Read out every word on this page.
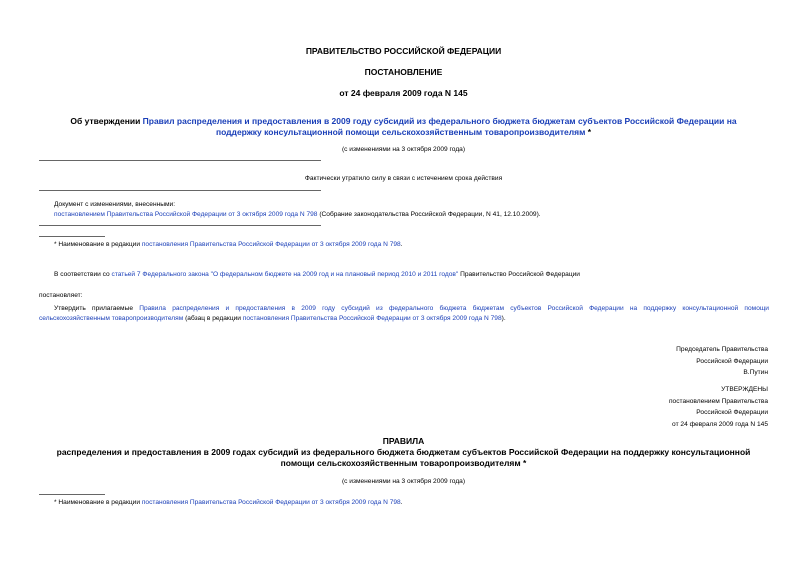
ПРАВИТЕЛЬСТВО РОССИЙСКОЙ ФЕДЕРАЦИИ
ПОСТАНОВЛЕНИЕ
от 24 февраля 2009 года N 145
Об утверждении Правил распределения и предоставления в 2009 году субсидий из федерального бюджета бюджетам субъектов Российской Федерации на
поддержку консультационной помощи сельскохозяйственным товаропроизводителям *
(с изменениями на 3 октября 2009 года)
Фактически утратило силу в связи с истечением срока действия
Документ с изменениями, внесенными:
постановлением Правительства Российской Федерации от 3 октября 2009 года N 798 (Собрание законодательства Российской Федерации, N 41, 12.10.2009).
* Наименование в редакции постановления Правительства Российской Федерации от 3 октября 2009 года N 798.
В соответствии со статьей 7 Федерального закона "О федеральном бюджете на 2009 год и на плановый период 2010 и 2011 годов" Правительство Российской Федерации
постановляет:
Утвердить прилагаемые Правила распределения и предоставления в 2009 году субсидий из федерального бюджета бюджетам субъектов Российской Федерации на поддержку консультационной помощи
сельскохозяйственным товаропроизводителям (абзац в редакции постановления Правительства Российской Федерации от 3 октября 2009 года N 798).
Председатель Правительства
Российской Федерации
В.Путин
УТВЕРЖДЕНЫ
постановлением Правительства
Российской Федерации
от 24 февраля 2009 года N 145
ПРАВИЛА
распределения и предоставления в 2009 годах субсидий из федерального бюджета бюджетам субъектов Российской Федерации на поддержку консультационной
помощи сельскохозяйственным товаропроизводителям *
(с изменениями на 3 октября 2009 года)
* Наименование в редакции постановления Правительства Российской Федерации от 3 октября 2009 года N 798.
